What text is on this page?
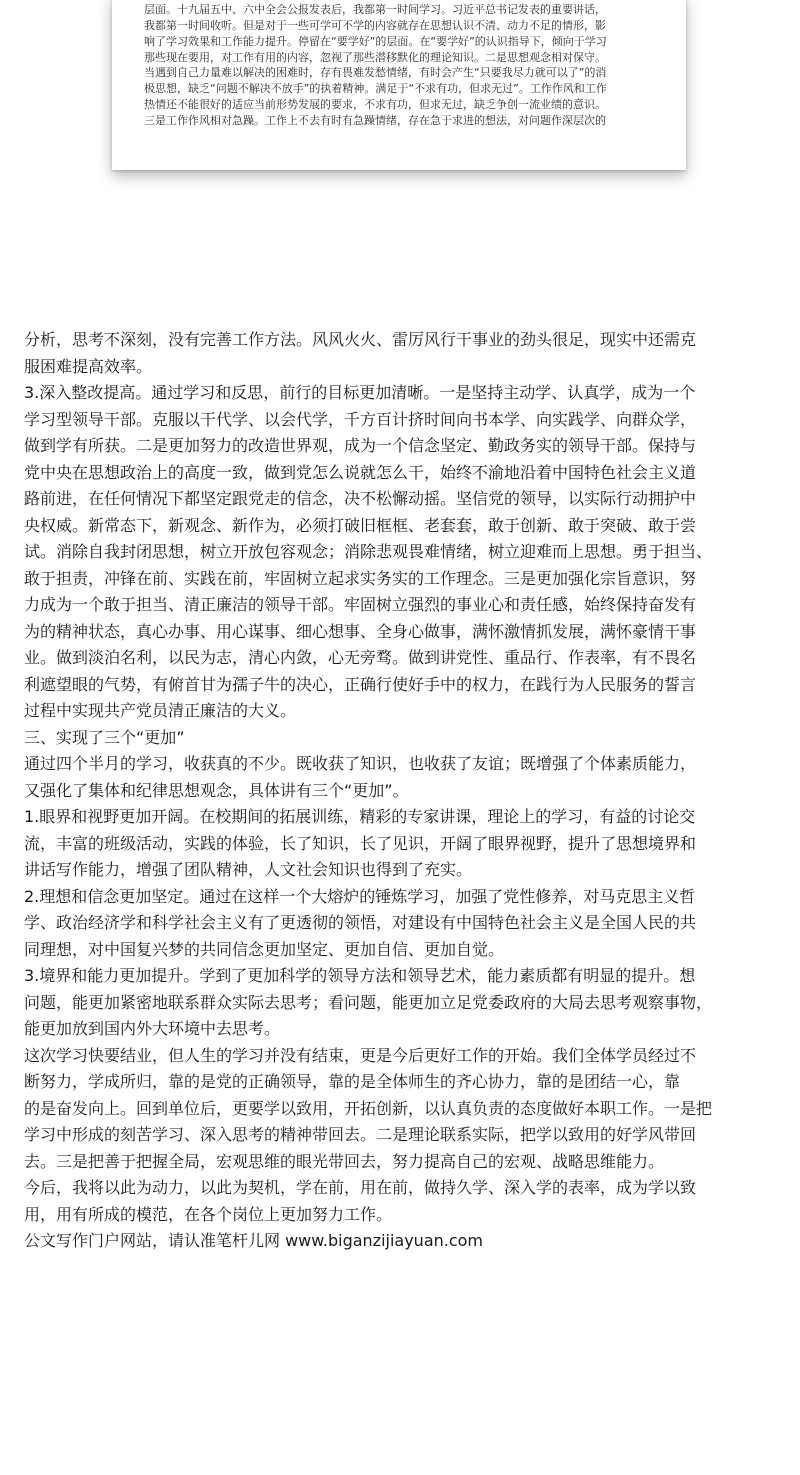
层面。十九届五中、六中全会公报发表后，我都第一时间学习。习近平总书记发表的重要讲话，
我都第一时间收听。但是对于一些可学可不学的内容就存在思想认识不清、动力不足的情形，影
响了学习效果和工作能力提升。停留在“要学好”的层面。在“要学好”的认识指导下，倾向于学习
那些现在要用，对工作有用的内容，忽视了那些潜移默化的理论知识。二是思想观念相对保守。
当遇到自己力量难以解决的困难时，存有畏难发愁情绪，有时会产生“只要我尽力就可以了”的消
极思想，缺乏“问题不解决不放手”的执着精神。满足于“不求有功，但求无过”。工作作风和工作
热情还不能很好的适应当前形势发展的要求，不求有功，但求无过，缺乏争创一流业绩的意识。
三是工作作风相对急躁。工作上不去有时有急躁情绪，存在急于求进的想法，对问题作深层次的
分析，思考不深刻，没有完善工作方法。风风火火、雷厉风行干事业的劲头很足，现实中还需克
服困难提高效率。
3.深入整改提高。通过学习和反思，前行的目标更加清晰。一是坚持主动学、认真学，成为一个
学习型领导干部。克服以干代学、以会代学，千方百计挤时间向书本学、向实践学、向群众学，
做到学有所获。二是更加努力的改造世界观，成为一个信念坚定、勤政务实的领导干部。保持与
党中央在思想政治上的高度一致，做到党怎么说就怎么干，始终不渝地沿着中国特色社会主义道
路前进，在任何情况下都坚定跟党走的信念，决不松懈动摇。坚信党的领导，以实际行动拥护中
央权威。新常态下，新观念、新作为，必须打破旧框框、老套套，敢于创新、敢于突破、敢于尝
试。消除自我封闭思想，树立开放包容观念；消除悲观畏难情绪，树立迎难而上思想。勇于担当、
敢于担责，冲锋在前、实践在前，牢固树立起求实务实的工作理念。三是更加强化宗旨意识，努
力成为一个敢于担当、清正廉洁的领导干部。牢固树立强烈的事业心和责任感，始终保持奋发有
为的精神状态，真心办事、用心谋事、细心想事、全身心做事，满怀激情抓发展，满怀豪情干事
业。做到淡泊名利，以民为志，清心内敛，心无旁骛。做到讲党性、重品行、作表率，有不畏名
利遮望眼的气势，有俯首甘为孺子牛的决心，正确行使好手中的权力，在践行为人民服务的誓言
过程中实现共产党员清正廉洁的大义。
三、实现了三个“更加”
通过四个半月的学习，收获真的不少。既收获了知识，也收获了友谊；既增强了个体素质能力，
又强化了集体和纪律思想观念，具体讲有三个“更加”。
1.眼界和视野更加开阔。在校期间的拓展训练，精彩的专家讲课，理论上的学习，有益的讨论交
流，丰富的班级活动，实践的体验，长了知识，长了见识，开阔了眼界视野，提升了思想境界和
讲话写作能力，增强了团队精神，人文社会知识也得到了充实。
2.理想和信念更加坚定。通过在这样一个大熔炉的锤炼学习，加强了党性修养，对马克思主义哲
学、政治经济学和科学社会主义有了更透彻的领悟，对建设有中国特色社会主义是全国人民的共
同理想，对中国复兴梦的共同信念更加坚定、更加自信、更加自觉。
3.境界和能力更加提升。学到了更加科学的领导方法和领导艺术，能力素质都有明显的提升。想
问题，能更加紧密地联系群众实际去思考；看问题，能更加立足党委政府的大局去思考观察事物，
能更加放到国内外大环境中去思考。
这次学习快要结业，但人生的学习并没有结束，更是今后更好工作的开始。我们全体学员经过不
断努力，学成所归，靠的是党的正确领导，靠的是全体师生的齐心协力，靠的是团结一心，靠
的是奋发向上。回到单位后，更要学以致用，开拓创新，以认真负责的态度做好本职工作。一是把
学习中形成的刻苦学习、深入思考的精神带回去。二是理论联系实际，把学以致用的好学风带回
去。三是把善于把握全局，宏观思维的眼光带回去，努力提高自己的宏观、战略思维能力。
今后，我将以此为动力，以此为契机，学在前，用在前，做持久学、深入学的表率，成为学以致
用，用有所成的模范，在各个岗位上更加努力工作。
公文写作门户网站，请认准笔杆儿网 www.biganzijiayuan.com
